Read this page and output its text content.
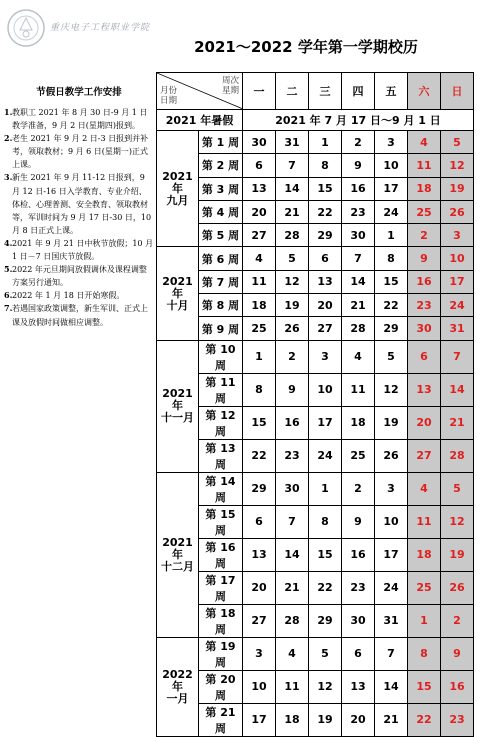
重庆电子工程职业学院
2021～2022 学年第一学期校历
节假日教学工作安排
1. 教职工 2021 年 8 月 30 日-9 月 1 日教学准备，9 月 2 日(星期四)报到。
2. 老生 2021 年 9 月 2 日-3 日报到并补考，领取教材；9 月 6 日(星期一)正式上课。
3. 新生 2021 年 9 月 11-12 日报到，9 月 12 日-16 日入学教育、专业介绍、体检、心理普测、安全教育、领取教材等，军训时间为 9 月 17 日-30 日，10 月 8 日正式上课。
4. 2021 年 9 月 21 日中秋节放假；10 月 1 日－7 日国庆节放假。
5. 2022 年元旦期间放假调休及课程调整方案另行通知。
6. 2022 年 1 月 18 日开始寒假。
7. 若遇国家政策调整，新生军训、正式上课及放假时间做相应调整。
周次
星期
月份
日期		一	二	三	四	五	六	日
2021 年暑假		2021 年 7 月 17 日～9 月 1 日						
2021 年
九月	第 1 周	30	31	1	2	3	4	5
	第 2 周	6	7	8	9	10	11	12
	第 3 周	13	14	15	16	17	18	19
	第 4 周	20	21	22	23	24	25	26
	第 5 周	27	28	29	30	1	2	3
2021 年
十月	第 6 周	4	5	6	7	8	9	10
	第 7 周	11	12	13	14	15	16	17
	第 8 周	18	19	20	21	22	23	24
	第 9 周	25	26	27	28	29	30	31
2021 年
十一月	第 10 周	1	2	3	4	5	6	7
	第 11 周	8	9	10	11	12	13	14
	第 12 周	15	16	17	18	19	20	21
	第 13 周	22	23	24	25	26	27	28
2021 年
十二月	第 14 周	29	30	1	2	3	4	5
	第 15 周	6	7	8	9	10	11	12
	第 16 周	13	14	15	16	17	18	19
	第 17 周	20	21	22	23	24	25	26
	第 18 周	27	28	29	30	31	1	2
2022 年
一月	第 19 周	3	4	5	6	7	8	9
	第 20 周	10	11	12	13	14	15	16
	第 21 周	17	18	19	20	21	22	23
